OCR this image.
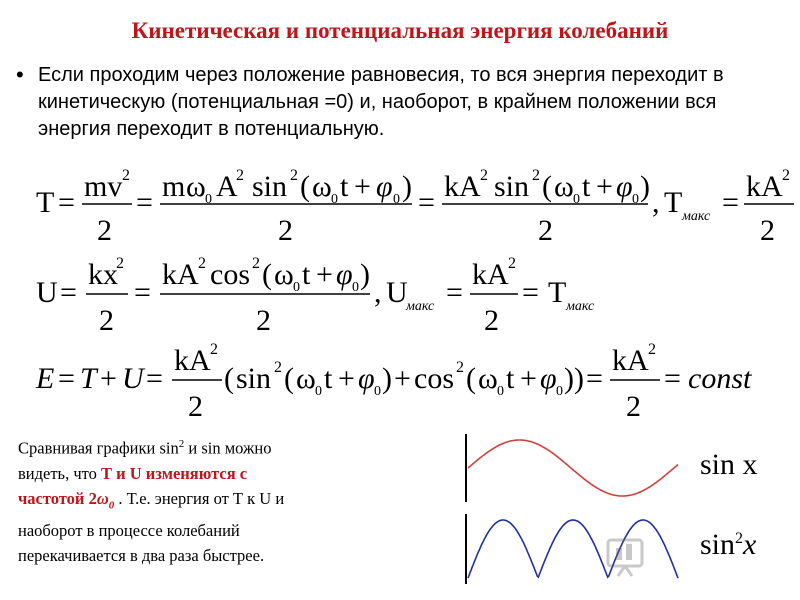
Кинетическая и потенциальная энергия колебаний
• Если проходим через положение равновесия, то вся энергия переходит в кинетическую (потенциальная =0) и, наоборот, в крайнем положении вся энергия переходит в потенциальную.
T = mv 2
2
= m ω 0 A
2 sin 2 ( ω 0 t + φ 0 )
2
= kA 2 sin 2 ( ω 0 t + φ 0 )
2
, T макс = kA 2
2
U =
kx
2
2
=
kA 2 cos 2 ( ω 0 t + φ 0 )
2
, U
макс =
kA 2
2
= T макс
E = T + U =
kA 2
2
( sin 2 ( ω 0 t + φ 0 ) + cos 2 ( ω 0 t + φ 0 ) ) =
kA 2
2
= const
Сравнивая графики $\sin^2 и$ sin можно
видеть, что Т и U изменяются с
частотой $2\omega_0$ . Т.е. энергия от Т к U и
наоборот в процессе колебаний
перекачивается в два раза быстрее.
sin x
$\sin^2x$
